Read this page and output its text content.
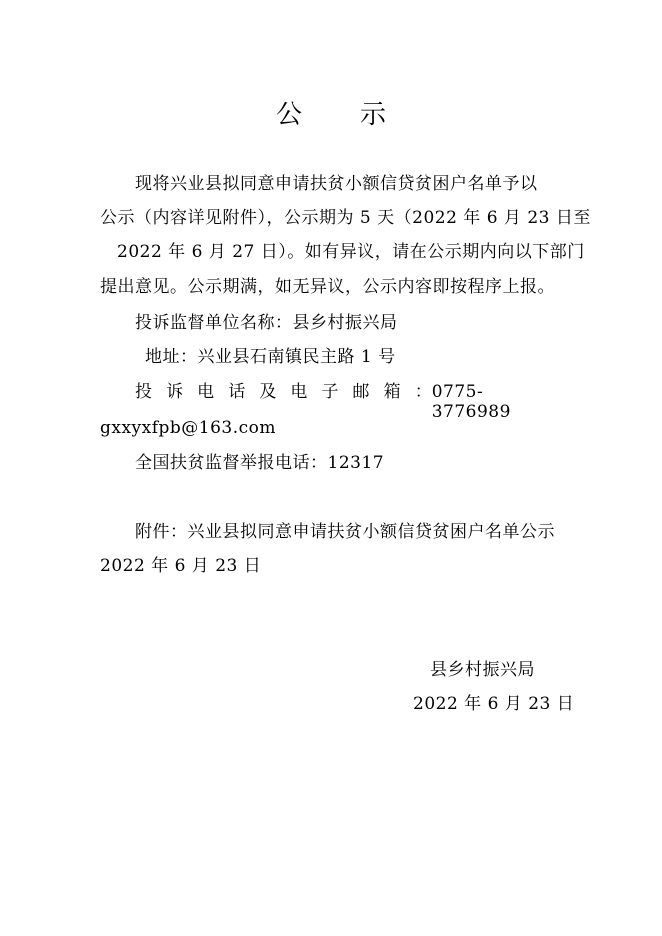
公 示
现将兴业县拟同意申请扶贫小额信贷贫困户名单予以
公示（内容详见附件），公示期为 5 天（2022 年 6 月 23 日至
2022 年 6 月 27 日）。如有异议，请在公示期内向以下部门
提出意见。公示期满，如无异议，公示内容即按程序上报。
投诉监督单位名称：县乡村振兴局
地址：兴业县石南镇民主路 1 号
投 诉 电 话 及 电 子 邮 箱 ： 0775-3776989
gxxyxfpb@163.com
全国扶贫监督举报电话：12317
附件：兴业县拟同意申请扶贫小额信贷贫困户名单公示
2022 年 6 月 23 日
县乡村振兴局
2022 年 6 月 23 日
